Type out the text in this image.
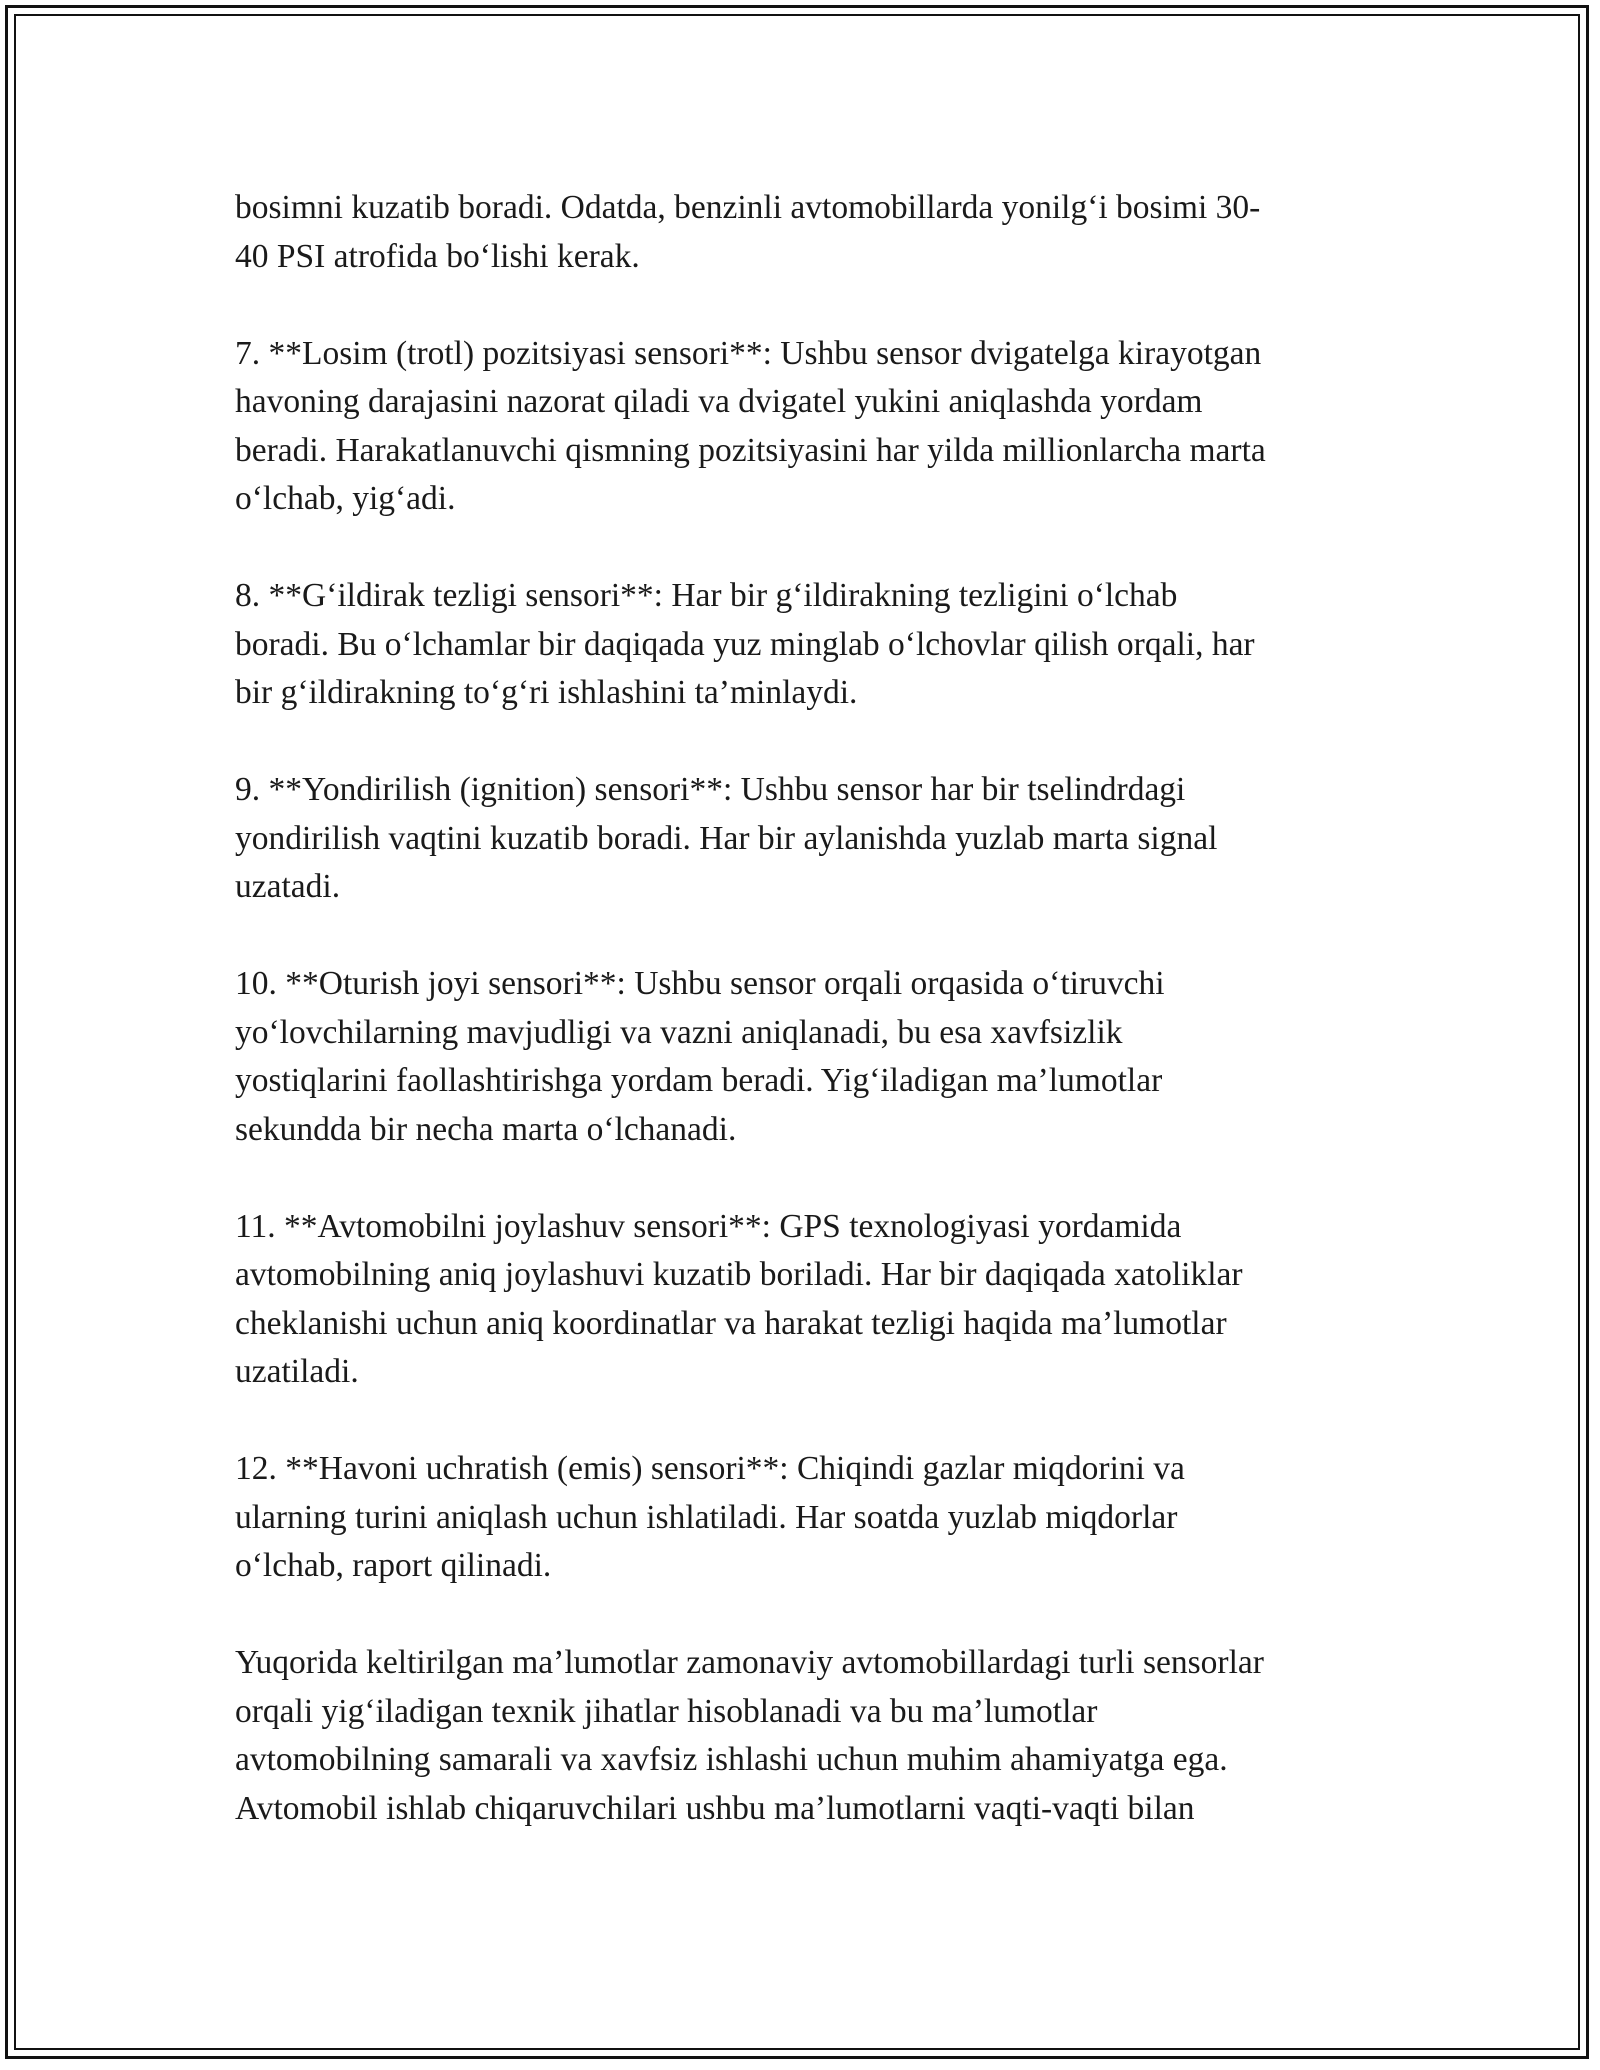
bosimni kuzatib boradi. Odatda, benzinli avtomobillarda yonilg‘i bosimi 30-
40 PSI atrofida bo‘lishi kerak.

7. **Losim (trotl) pozitsiyasi sensori**: Ushbu sensor dvigatelga kirayotgan
havoning darajasini nazorat qiladi va dvigatel yukini aniqlashda yordam
beradi. Harakatlanuvchi qismning pozitsiyasini har yilda millionlarcha marta
o‘lchab, yig‘adi.

8. **G‘ildirak tezligi sensori**: Har bir g‘ildirakning tezligini o‘lchab
boradi. Bu o‘lchamlar bir daqiqada yuz minglab o‘lchovlar qilish orqali, har
bir g‘ildirakning to‘g‘ri ishlashini ta’minlaydi.

9. **Yondirilish (ignition) sensori**: Ushbu sensor har bir tselindrdagi
yondirilish vaqtini kuzatib boradi. Har bir aylanishda yuzlab marta signal
uzatadi.

10. **Oturish joyi sensori**: Ushbu sensor orqali orqasida o‘tiruvchi
yo‘lovchilarning mavjudligi va vazni aniqlanadi, bu esa xavfsizlik
yostiqlarini faollashtirishga yordam beradi. Yig‘iladigan ma’lumotlar
sekundda bir necha marta o‘lchanadi.

11. **Avtomobilni joylashuv sensori**: GPS texnologiyasi yordamida
avtomobilning aniq joylashuvi kuzatib boriladi. Har bir daqiqada xatoliklar
cheklanishi uchun aniq koordinatlar va harakat tezligi haqida ma’lumotlar
uzatiladi.

12. **Havoni uchratish (emis) sensori**: Chiqindi gazlar miqdorini va
ularning turini aniqlash uchun ishlatiladi. Har soatda yuzlab miqdorlar
o‘lchab, raport qilinadi.

Yuqorida keltirilgan ma’lumotlar zamonaviy avtomobillardagi turli sensorlar
orqali yig‘iladigan texnik jihatlar hisoblanadi va bu ma’lumotlar
avtomobilning samarali va xavfsiz ishlashi uchun muhim ahamiyatga ega.
Avtomobil ishlab chiqaruvchilari ushbu ma’lumotlarni vaqti-vaqti bilan
